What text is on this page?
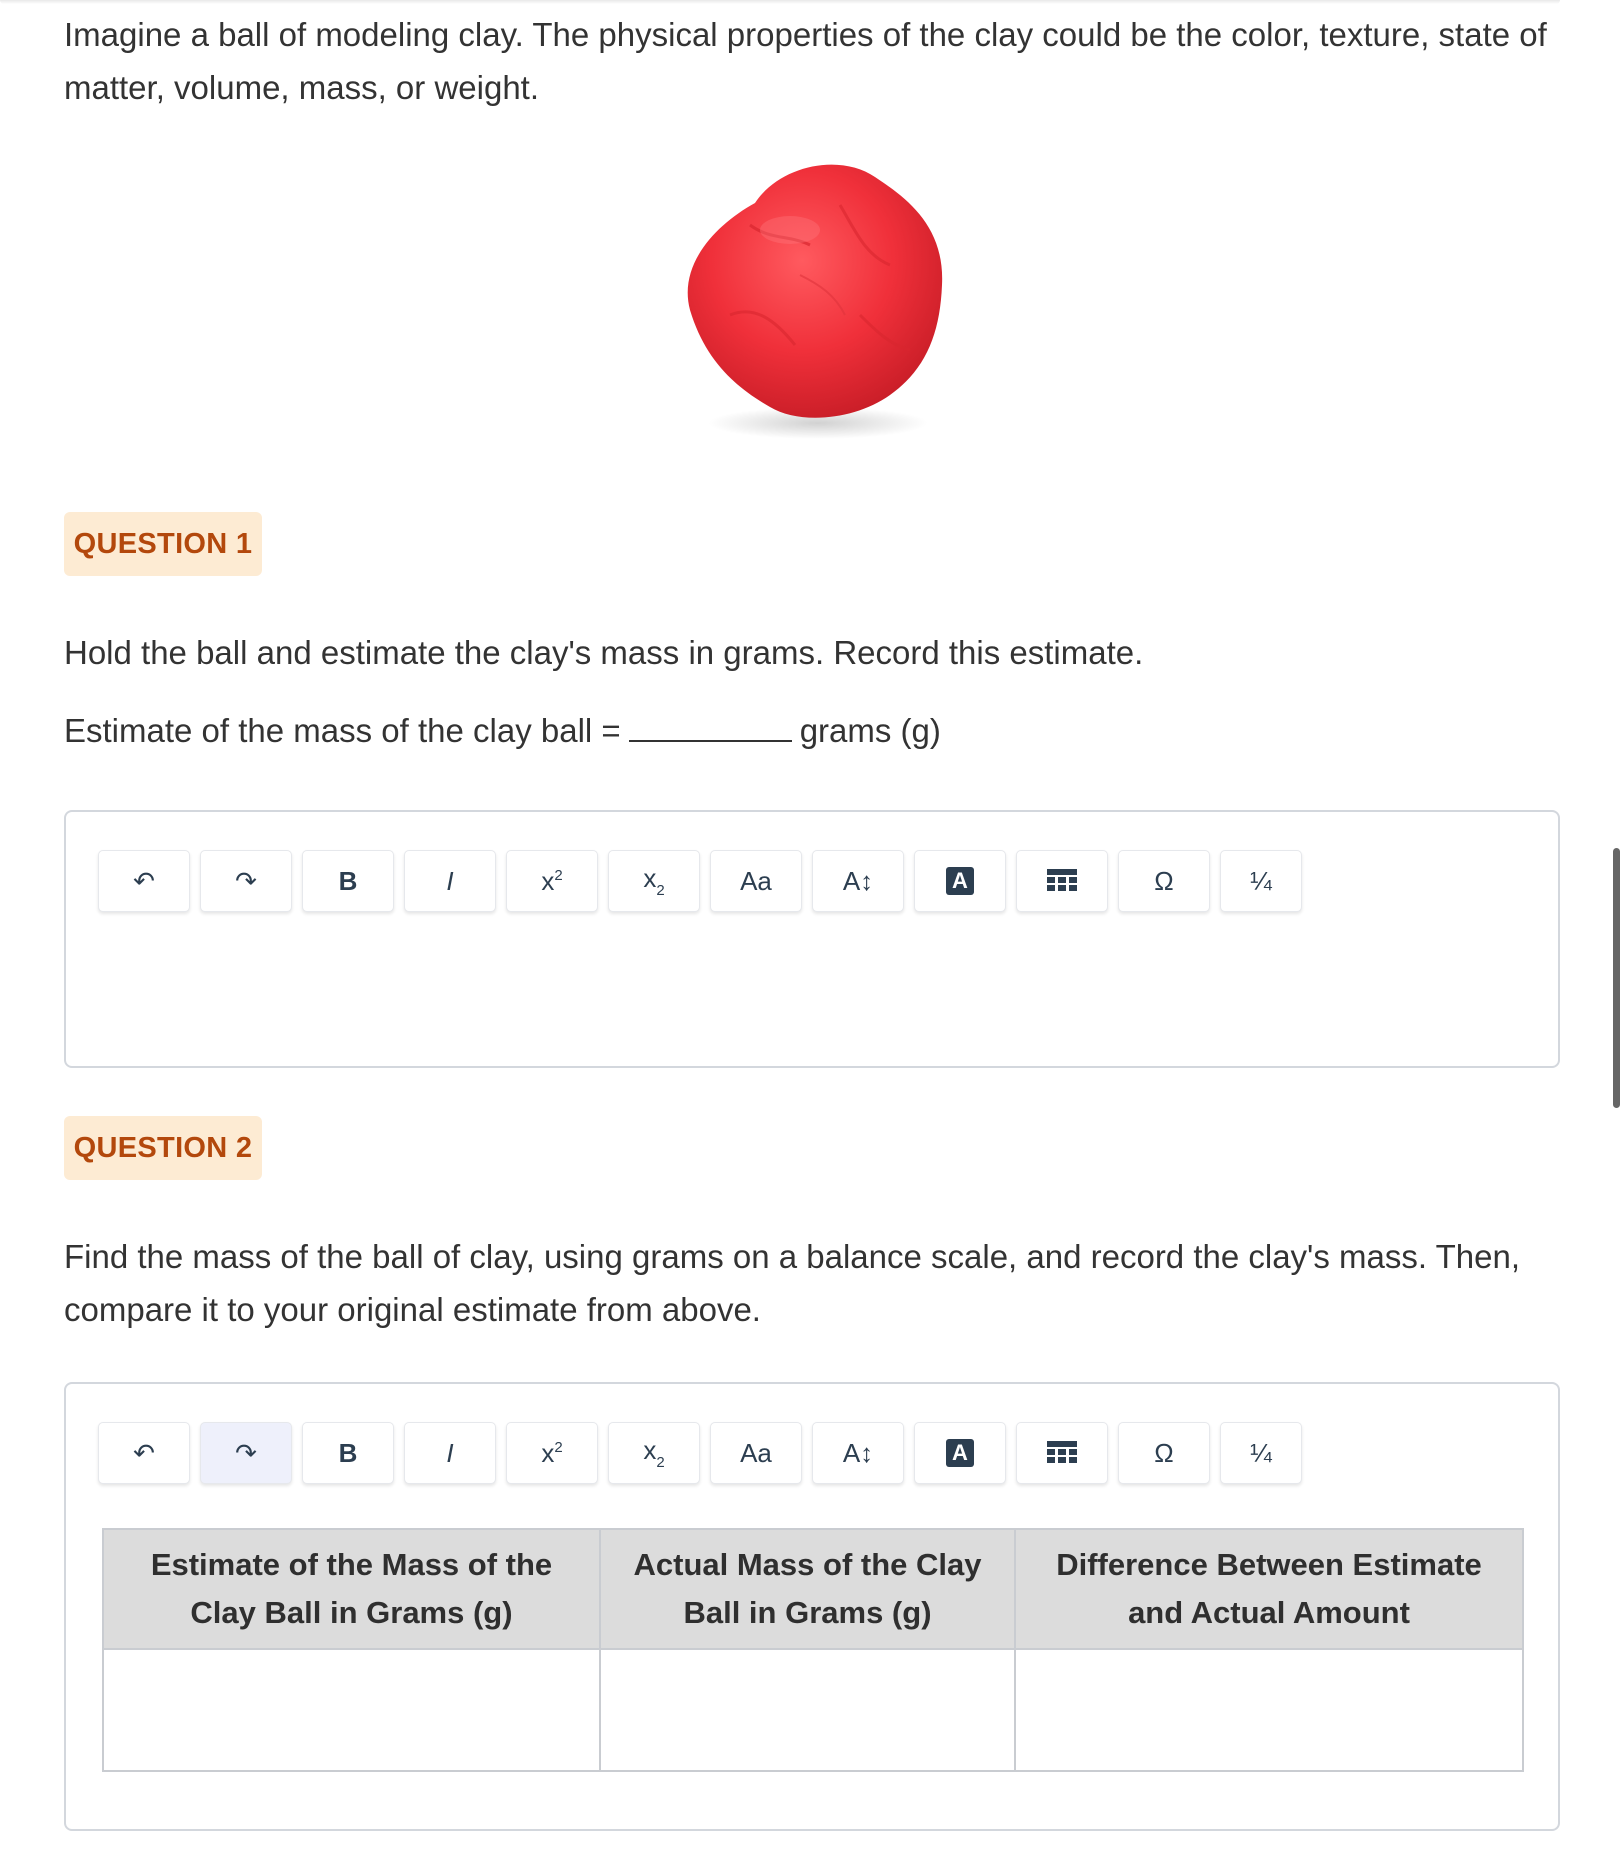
Imagine a ball of modeling clay. The physical properties of the clay could be the color, texture, state of matter, volume, mass, or weight.
QUESTION 1
Hold the ball and estimate the clay's mass in grams. Record this estimate.
Estimate of the mass of the clay ball =	grams (g)
↶	↷	B	I	$x^2$	$x_2$	Aa	A↕	A	Ω	¼
QUESTION 2
Find the mass of the ball of clay, using grams on a balance scale, and record the clay's mass. Then, compare it to your original estimate from above.
↶	↷	B	I	$x^2$	$x_2$	Aa	A↕	A	Ω	¼
Estimate of the Mass of the Clay Ball in Grams (g)	Actual Mass of the Clay Ball in Grams (g)	Difference Between Estimate and Actual Amount
